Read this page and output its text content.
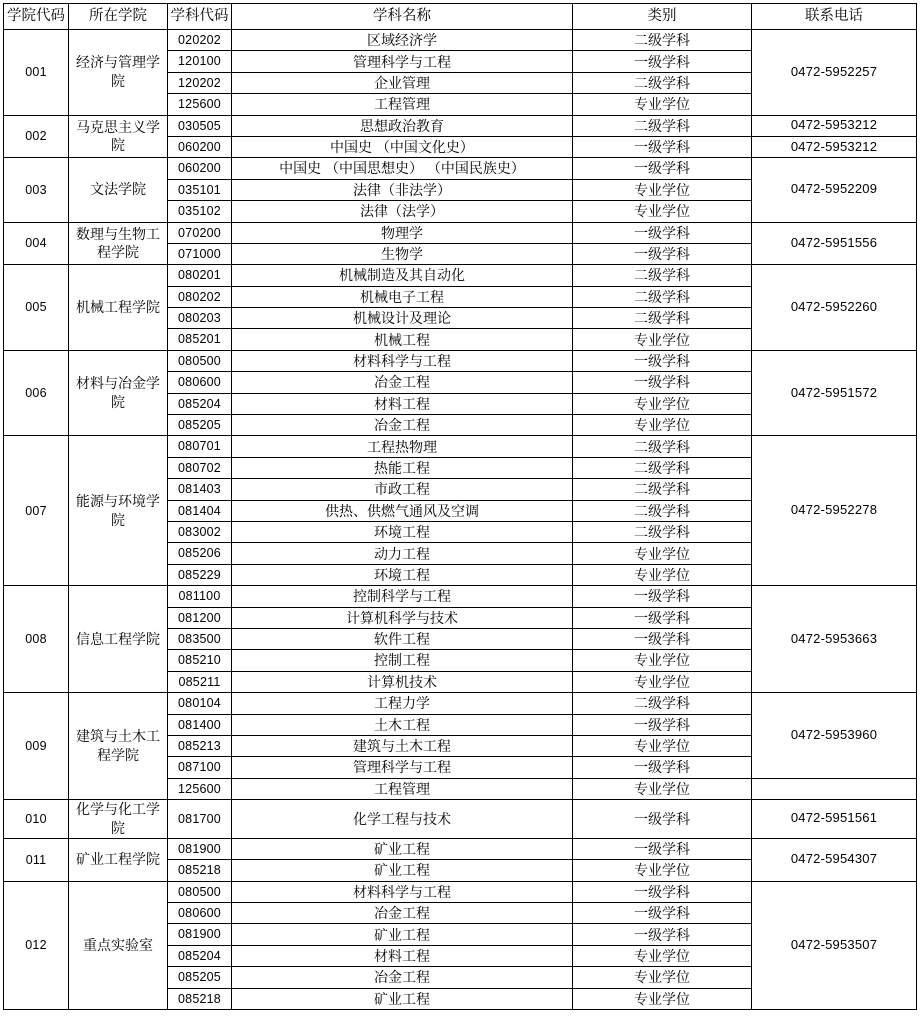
学院代码	所在学院	学科代码	学科名称	类别	联系电话
001	经济与管理学院	020202	区域经济学	二级学科	0472-5952257
		120100	管理科学与工程	一级学科	
		120202	企业管理	二级学科	
		125600	工程管理	专业学位	
002	马克思主义学院	030505	思想政治教育	二级学科	0472-5953212
		060200	中国史 （中国文化史）	一级学科	0472-5953212
003	文法学院	060200	中国史 （中国思想史） （中国民族史）	一级学科	0472-5952209
		035101	法律（非法学）	专业学位	
		035102	法律（法学）	专业学位	
004	数理与生物工程学院	070200	物理学	一级学科	0472-5951556
		071000	生物学	一级学科	
005	机械工程学院	080201	机械制造及其自动化	二级学科	0472-5952260
		080202	机械电子工程	二级学科	
		080203	机械设计及理论	二级学科	
		085201	机械工程	专业学位	
006	材料与冶金学院	080500	材料科学与工程	一级学科	0472-5951572
		080600	冶金工程	一级学科	
		085204	材料工程	专业学位	
		085205	冶金工程	专业学位	
007	能源与环境学院	080701	工程热物理	二级学科	0472-5952278
		080702	热能工程	二级学科	
		081403	市政工程	二级学科	
		081404	供热、供燃气通风及空调	二级学科	
		083002	环境工程	二级学科	
		085206	动力工程	专业学位	
		085229	环境工程	专业学位	
008	信息工程学院	081100	控制科学与工程	一级学科	0472-5953663
		081200	计算机科学与技术	一级学科	
		083500	软件工程	一级学科	
		085210	控制工程	专业学位	
		085211	计算机技术	专业学位	
009	建筑与土木工程学院	080104	工程力学	二级学科	0472-5953960
		081400	土木工程	一级学科	
		085213	建筑与土木工程	专业学位	
		087100	管理科学与工程	一级学科	
		125600	工程管理	专业学位	
010	化学与化工学院	081700	化学工程与技术	一级学科	0472-5951561
011	矿业工程学院	081900	矿业工程	一级学科	0472-5954307
		085218	矿业工程	专业学位	
012	重点实验室	080500	材料科学与工程	一级学科	0472-5953507
		080600	冶金工程	一级学科	
		081900	矿业工程	一级学科	
		085204	材料工程	专业学位	
		085205	冶金工程	专业学位	
		085218	矿业工程	专业学位	
